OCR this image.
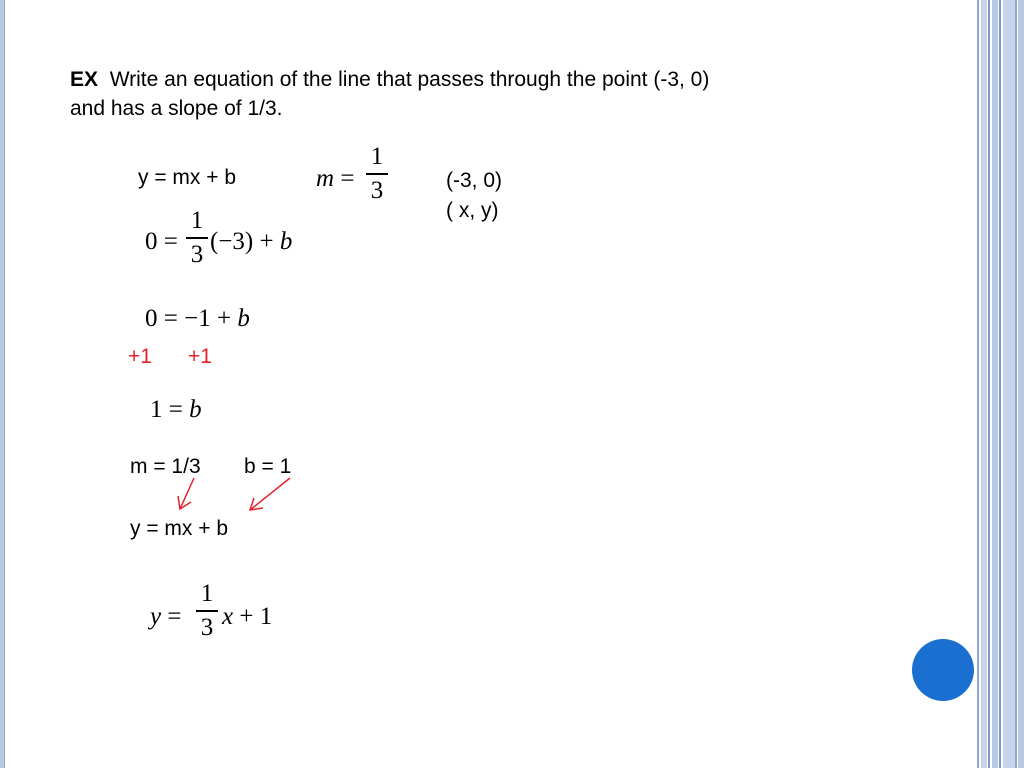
EX Write an equation of the line that passes through the point (-3, 0)
and has a slope of 1/3.
y = mx + b	m =
1
3	(-3, 0)
( x, y)
0 =
1
3 (−3) + b
0 = −1 + b
+1 +1
1 = b
m = 1/3 b = 1
y = mx + b
y =
1
3 x + 1
